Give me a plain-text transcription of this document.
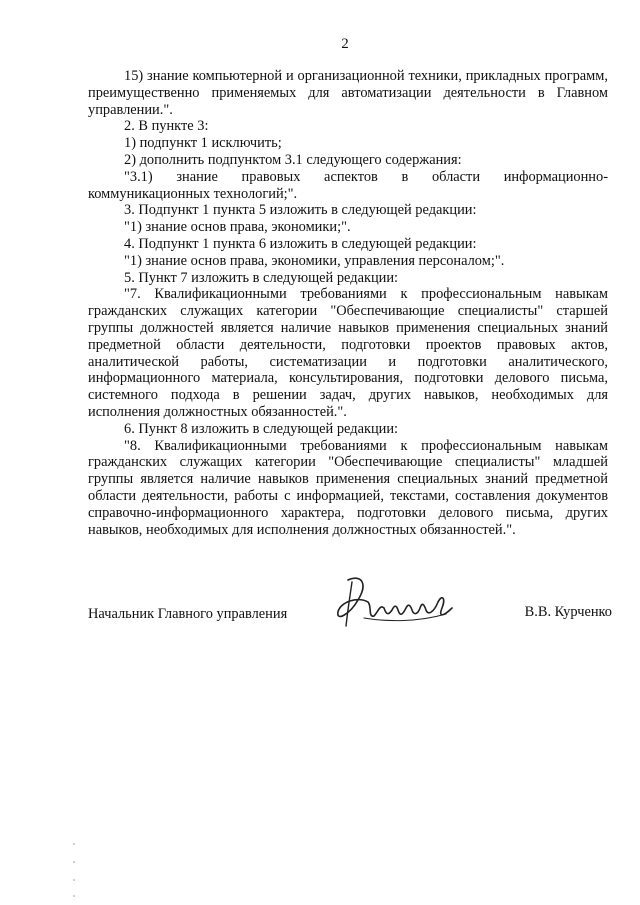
2

15) знание компьютерной и организационной техники, прикладных программ, преимущественно применяемых для автоматизации деятельности в Главном управлении.".

2. В пункте 3:

1) подпункт 1 исключить;

2) дополнить подпунктом 3.1 следующего содержания:

"3.1) знание правовых аспектов в области информационно-коммуникационных технологий;".

3. Подпункт 1 пункта 5 изложить в следующей редакции:

"1) знание основ права, экономики;".

4. Подпункт 1 пункта 6 изложить в следующей редакции:

"1) знание основ права, экономики, управления персоналом;".

5. Пункт 7 изложить в следующей редакции:

"7. Квалификационными требованиями к профессиональным навыкам гражданских служащих категории "Обеспечивающие специалисты" старшей группы должностей является наличие навыков применения специальных знаний предметной области деятельности, подготовки проектов правовых актов, аналитической работы, систематизации и подготовки аналитического, информационного материала, консультирования, подготовки делового письма, системного подхода в решении задач, других навыков, необходимых для исполнения должностных обязанностей.".

6. Пункт 8 изложить в следующей редакции:

"8. Квалификационными требованиями к профессиональным навыкам гражданских служащих категории "Обеспечивающие специалисты" младшей группы является наличие навыков применения специальных знаний предметной области деятельности, работы с информацией, текстами, составления документов справочно-информационного характера, подготовки делового письма, других навыков, необходимых для исполнения должностных обязанностей.".

Начальник Главного управления	В.В. Курченко
